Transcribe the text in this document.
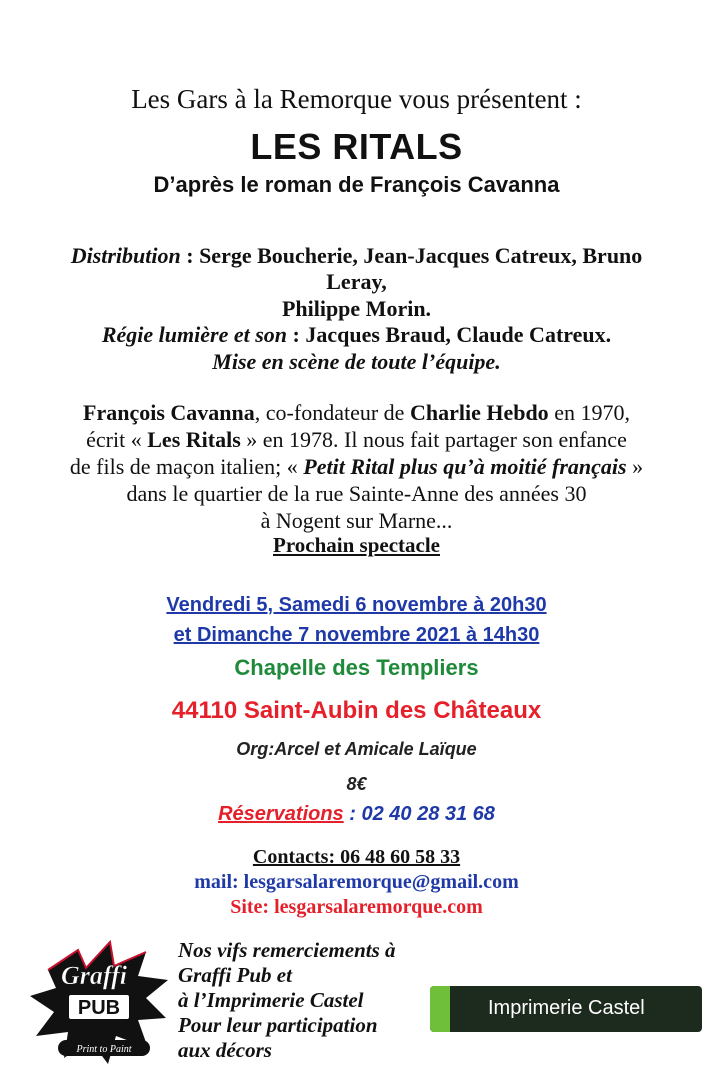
Les Gars à la Remorque vous présentent :
LES RITALS
D’après le roman de François Cavanna
Distribution : Serge Boucherie, Jean-Jacques Catreux, Bruno
Leray,
Philippe Morin.
Régie lumière et son : Jacques Braud, Claude Catreux.
Mise en scène de toute l’équipe.
François Cavanna, co-fondateur de Charlie Hebdo en 1970,
écrit « Les Ritals » en 1978. Il nous fait partager son enfance
de fils de maçon italien; « Petit Rital plus qu’à moitié français »
dans le quartier de la rue Sainte-Anne des années 30
à Nogent sur Marne...
Prochain spectacle
Vendredi 5, Samedi 6 novembre à 20h30
et Dimanche 7 novembre 2021 à 14h30
Chapelle des Templiers
44110 Saint-Aubin des Châteaux
Org:Arcel et Amicale Laïque
8€
Réservations : 02 40 28 31 68
Contacts: 06 48 60 58 33
mail: lesgarsalaremorque@gmail.com
Site: lesgarsalaremorque.com
Graffi
PUB
Print to Paint
Nos vifs remerciements à
Graffi Pub et
à l’Imprimerie Castel
Pour leur participation
aux décors
Imprimerie Castel
